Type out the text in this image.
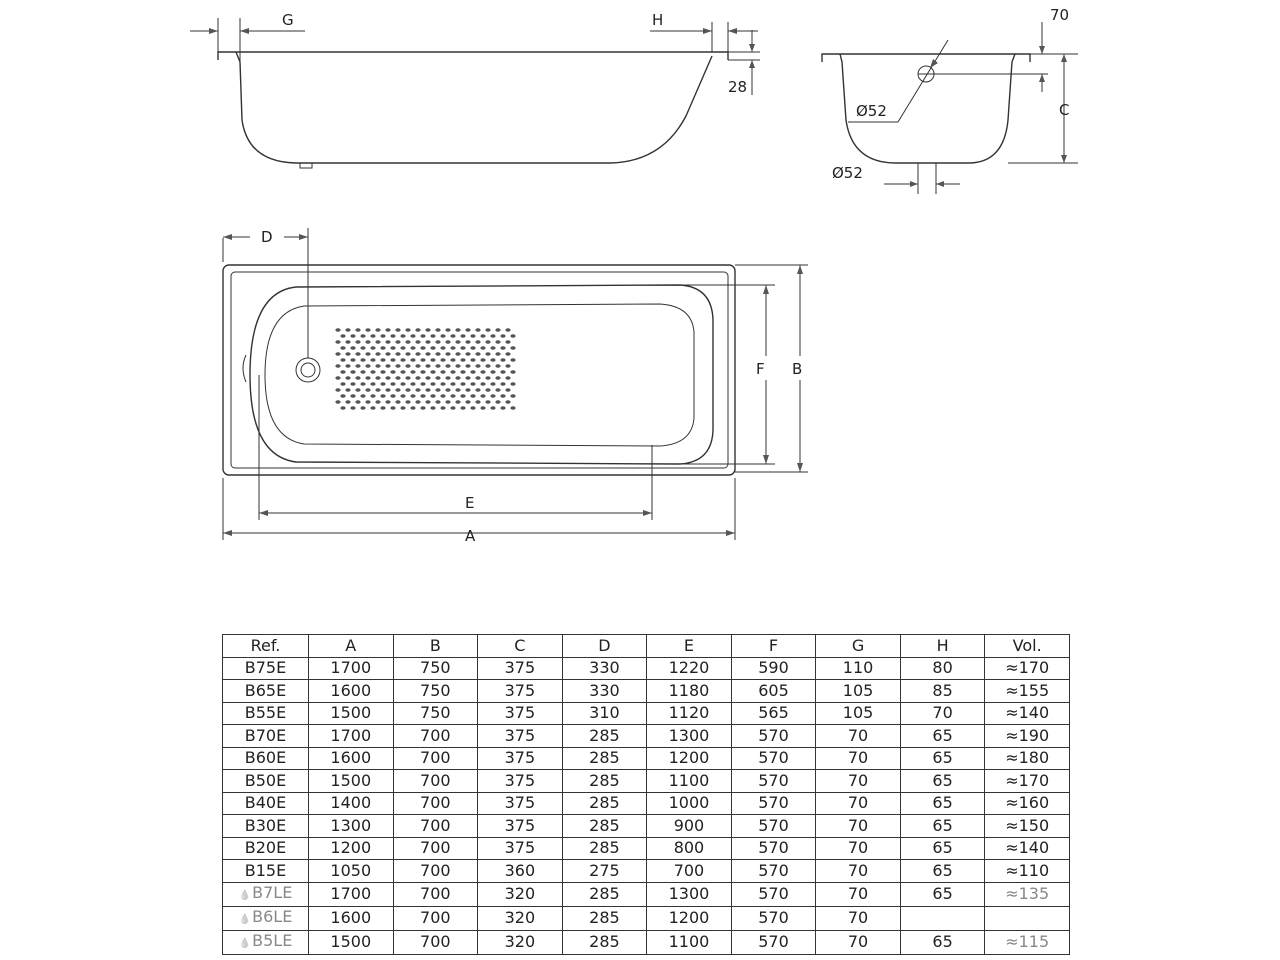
G	H
28
Ø52
70
C
Ø52
D
F B
E
A
Ref.	A	B	C	D	E	F	G	H	Vol.
B75E	1700	750	375	330	1220	590	110	80	≈170
B65E	1600	750	375	330	1180	605	105	85	≈155
B55E	1500	750	375	310	1120	565	105	70	≈140
B70E	1700	700	375	285	1300	570	70	65	≈190
B60E	1600	700	375	285	1200	570	70	65	≈180
B50E	1500	700	375	285	1100	570	70	65	≈170
B40E	1400	700	375	285	1000	570	70	65	≈160
B30E	1300	700	375	285	900	570	70	65	≈150
B20E	1200	700	375	285	800	570	70	65	≈140
B15E	1050	700	360	275	700	570	70	65	≈110
💧 B7LE	1700	700	320	285	1300	570	70	65	≈135
💧 B6LE	1600	700	320	285	1200	570	70		
💧 B5LE	1500	700	320	285	1100	570	70	65	≈115
